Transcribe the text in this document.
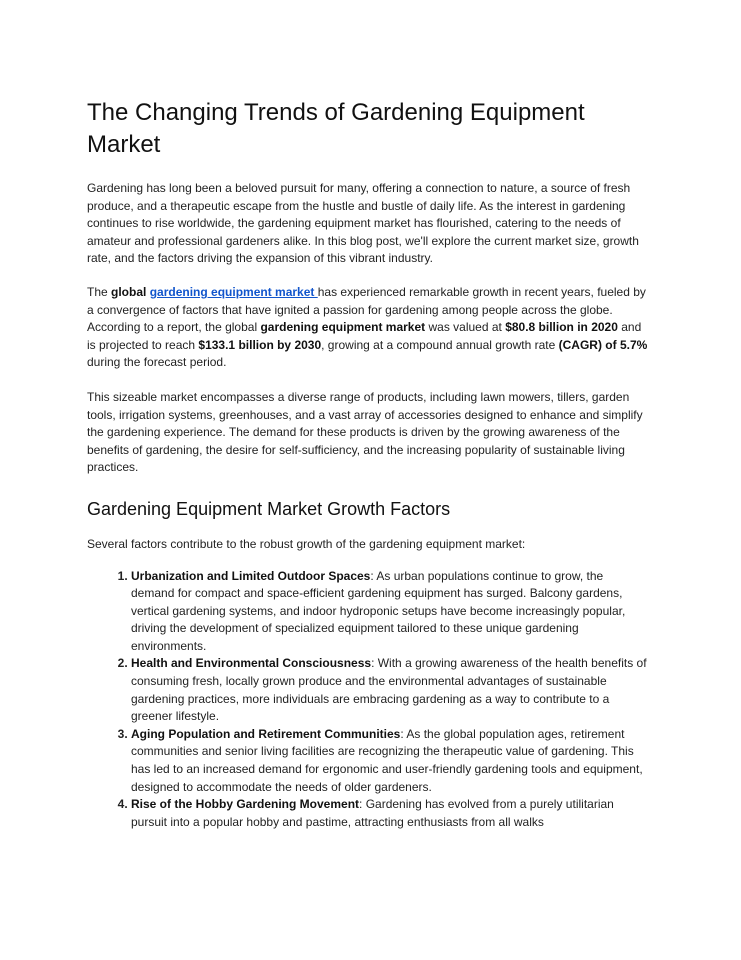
The Changing Trends of Gardening Equipment Market

Gardening has long been a beloved pursuit for many, offering a connection to nature, a source of fresh produce, and a therapeutic escape from the hustle and bustle of daily life. As the interest in gardening continues to rise worldwide, the gardening equipment market has flourished, catering to the needs of amateur and professional gardeners alike. In this blog post, we'll explore the current market size, growth rate, and the factors driving the expansion of this vibrant industry.

The global gardening equipment market has experienced remarkable growth in recent years, fueled by a convergence of factors that have ignited a passion for gardening among people across the globe. According to a report, the global gardening equipment market was valued at $80.8 billion in 2020 and is projected to reach $133.1 billion by 2030, growing at a compound annual growth rate (CAGR) of 5.7% during the forecast period.

This sizeable market encompasses a diverse range of products, including lawn mowers, tillers, garden tools, irrigation systems, greenhouses, and a vast array of accessories designed to enhance and simplify the gardening experience. The demand for these products is driven by the growing awareness of the benefits of gardening, the desire for self-sufficiency, and the increasing popularity of sustainable living practices.

Gardening Equipment Market Growth Factors

Several factors contribute to the robust growth of the gardening equipment market:

1. Urbanization and Limited Outdoor Spaces: As urban populations continue to grow, the demand for compact and space-efficient gardening equipment has surged. Balcony gardens, vertical gardening systems, and indoor hydroponic setups have become increasingly popular, driving the development of specialized equipment tailored to these unique gardening environments.
2. Health and Environmental Consciousness: With a growing awareness of the health benefits of consuming fresh, locally grown produce and the environmental advantages of sustainable gardening practices, more individuals are embracing gardening as a way to contribute to a greener lifestyle.
3. Aging Population and Retirement Communities: As the global population ages, retirement communities and senior living facilities are recognizing the therapeutic value of gardening. This has led to an increased demand for ergonomic and user-friendly gardening tools and equipment, designed to accommodate the needs of older gardeners.
4. Rise of the Hobby Gardening Movement: Gardening has evolved from a purely utilitarian pursuit into a popular hobby and pastime, attracting enthusiasts from all walks
